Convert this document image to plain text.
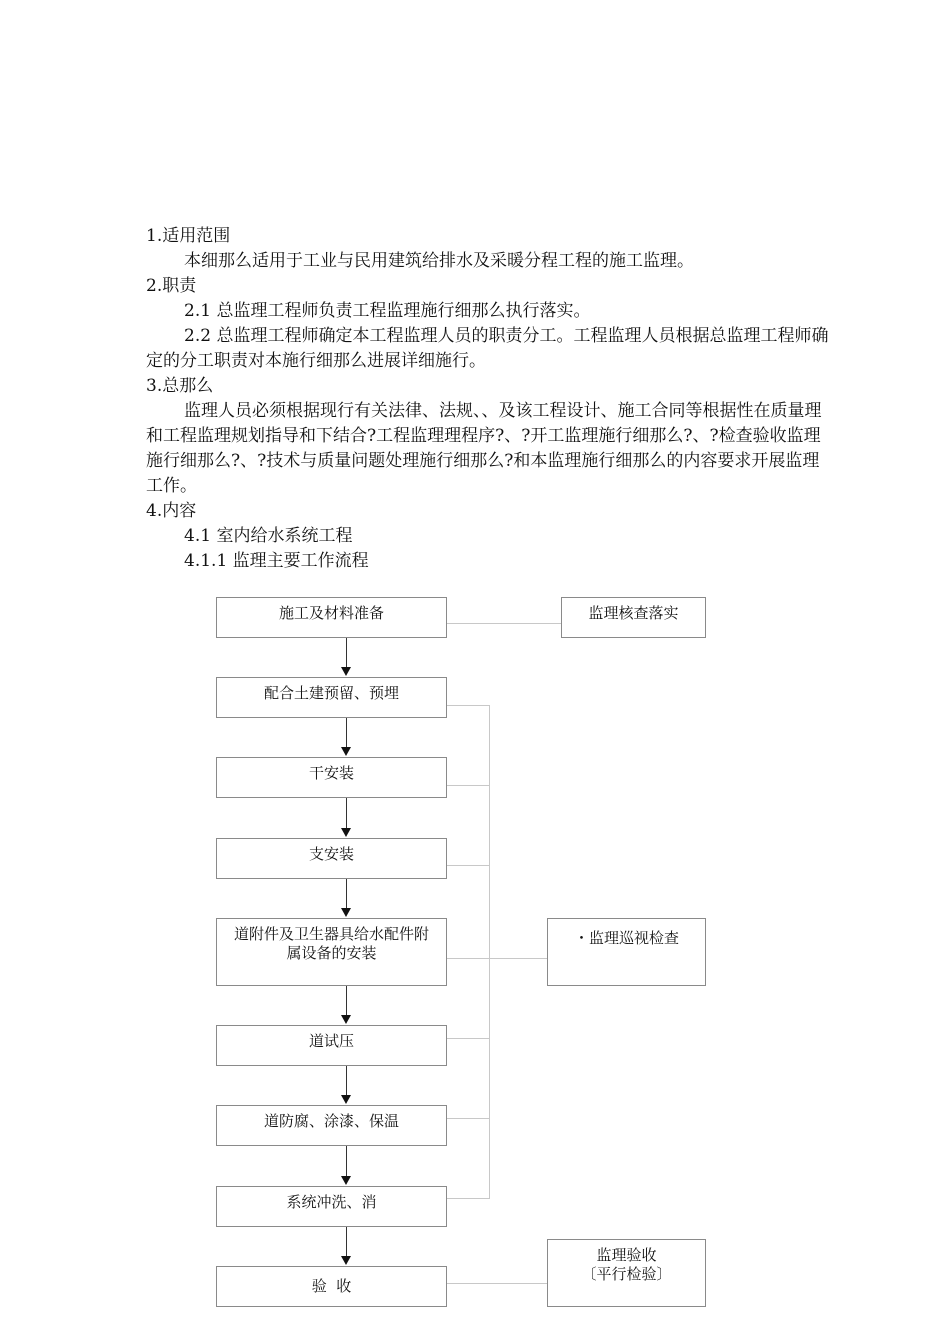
1.适用范围

本细那么适用于工业与民用建筑给排水及采暖分程工程的施工监理。

2.职责

2.1 总监理工程师负责工程监理施行细那么执行落实。

2.2 总监理工程师确定本工程监理人员的职责分工。工程监理人员根据总监理工程师确定的分工职责对本施行细那么进展详细施行。

3.总那么

监理人员必须根据现行有关法律、法规、、及该工程设计、施工合同等根据性在质量理和工程监理规划指导和下结合?工程监理理程序?、?开工监理施行细那么?、?检查验收监理施行细那么?、?技术与质量问题处理施行细那么?和本监理施行细那么的内容要求开展监理工作。

4.内容

4.1 室内给水系统工程

4.1.1 监理主要工作流程

施工及材料准备
配合土建预留、预埋
干安装
支安装
道附件及卫生器具给水配件附属设备的安装
道试压
道防腐、涂漆、保温
系统冲洗、消
验  收
监理核查落实
・监理巡视检查
监理验收
〔平行检验〕
